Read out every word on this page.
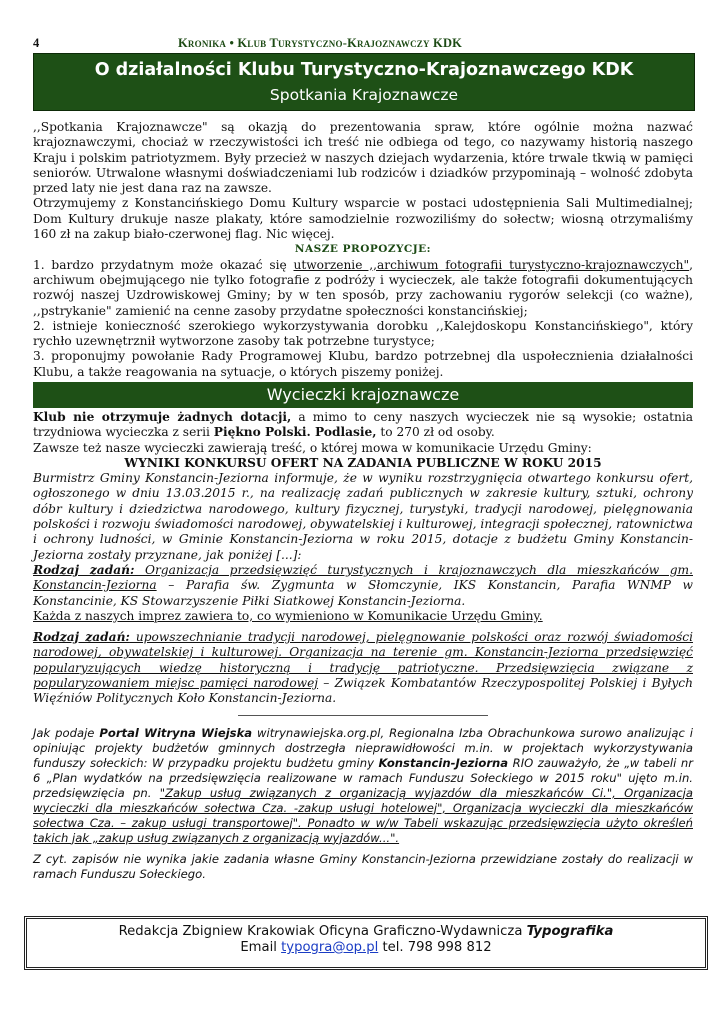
4	Kronika • Klub Turystyczno-Krajoznawczy KDK
O działalności Klubu Turystyczno-Krajoznawczego KDK
Spotkania Krajoznawcze

,,Spotkania Krajoznawcze" są okazją do prezentowania spraw, które ogólnie można nazwać krajoznawczymi, chociaż w rzeczywistości ich treść nie odbiega od tego, co nazywamy historią naszego Kraju i polskim patriotyzmem. Były przecież w naszych dziejach wydarzenia, które trwale tkwią w pamięci seniorów. Utrwalone własnymi doświadczeniami lub rodziców i dziadków przypominają – wolność zdobyta przed laty nie jest dana raz na zawsze.

Otrzymujemy z Konstancińskiego Domu Kultury wsparcie w postaci udostępnienia Sali Multimedialnej; Dom Kultury drukuje nasze plakaty, które samodzielnie rozwoziliśmy do sołectw; wiosną otrzymaliśmy 160 zł na zakup biało-czerwonej flag. Nic więcej.

NASZE PROPOZYCJE:

1. bardzo przydatnym może okazać się utworzenie ,,archiwum fotografii turystyczno-krajoznawczych", archiwum obejmującego nie tylko fotografie z podróży i wycieczek, ale także fotografii dokumentujących rozwój naszej Uzdrowiskowej Gminy; by w ten sposób, przy zachowaniu rygorów selekcji (co ważne), ,,pstrykanie" zamienić na cenne zasoby przydatne społeczności konstancińskiej;

2. istnieje konieczność szerokiego wykorzystywania dorobku ,,Kalejdoskopu Konstancińskiego", który rychło uzewnętrznił wytworzone zasoby tak potrzebne turystyce;

3. proponujmy powołanie Rady Programowej Klubu, bardzo potrzebnej dla uspołecznienia działalności Klubu, a także reagowania na sytuacje, o których piszemy poniżej.

Wycieczki krajoznawcze

Klub nie otrzymuje żadnych dotacji, a mimo to ceny naszych wycieczek nie są wysokie; ostatnia trzydniowa wycieczka z serii Piękno Polski. Podlasie, to 270 zł od osoby.

Zawsze też nasze wycieczki zawierają treść, o której mowa w komunikacie Urzędu Gminy:

WYNIKI KONKURSU OFERT NA ZADANIA PUBLICZNE W ROKU 2015

Burmistrz Gminy Konstancin-Jeziorna informuje, że w wyniku rozstrzygnięcia otwartego konkursu ofert, ogłoszonego w dniu 13.03.2015 r., na realizację zadań publicznych w zakresie kultury, sztuki, ochrony dóbr kultury i dziedzictwa narodowego, kultury fizycznej, turystyki, tradycji narodowej, pielęgnowania polskości i rozwoju świadomości narodowej, obywatelskiej i kulturowej, integracji społecznej, ratownictwa i ochrony ludności, w Gminie Konstancin-Jeziorna w roku 2015, dotacje z budżetu Gminy Konstancin-Jeziorna zostały przyznane, jak poniżej [...]:

Rodzaj zadań: Organizacja przedsięwzięć turystycznych i krajoznawczych dla mieszkańców gm. Konstancin-Jeziorna – Parafia św. Zygmunta w Słomczynie, IKS Konstancin, Parafia WNMP w Konstancinie, KS Stowarzyszenie Piłki Siatkowej Konstancin-Jeziorna.

Każda z naszych imprez zawiera to, co wymieniono w Komunikacie Urzędu Gminy.

Rodzaj zadań: upowszechnianie tradycji narodowej, pielęgnowanie polskości oraz rozwój świadomości narodowej, obywatelskiej i kulturowej. Organizacja na terenie gm. Konstancin-Jeziorna przedsięwzięć popularyzujących wiedzę historyczną i tradycję patriotyczne. Przedsięwzięcia związane z popularyzowaniem miejsc pamięci narodowej – Związek Kombatantów Rzeczypospolitej Polskiej i Byłych Więźniów Politycznych Koło Konstancin-Jeziorna.

Jak podaje Portal Witryna Wiejska witrynawiejska.org.pl, Regionalna Izba Obrachunkowa surowo analizując i opiniując projekty budżetów gminnych dostrzegła nieprawidłowości m.in. w projektach wykorzystywania funduszy sołeckich: W przypadku projektu budżetu gminy Konstancin-Jeziorna RIO zauważyło, że „w tabeli nr 6 „Plan wydatków na przedsięwzięcia realizowane w ramach Funduszu Sołeckiego w 2015 roku" ujęto m.in. przedsięwzięcia pn. "Zakup usług związanych z organizacją wyjazdów dla mieszkańców Ci.", Organizacja wycieczki dla mieszkańców sołectwa Cza. -zakup usługi hotelowej", Organizacja wycieczki dla mieszkańców sołectwa Cza. – zakup usługi transportowej". Ponadto w w/w Tabeli wskazując przedsięwzięcia użyto określeń takich jak „zakup usług związanych z organizacją wyjazdów...".

Z cyt. zapisów nie wynika jakie zadania własne Gminy Konstancin-Jeziorna przewidziane zostały do realizacji w ramach Funduszu Sołeckiego.

Redakcja Zbigniew Krakowiak Oficyna Graficzno-Wydawnicza Typografika
Email typogra@op.pl tel. 798 998 812
